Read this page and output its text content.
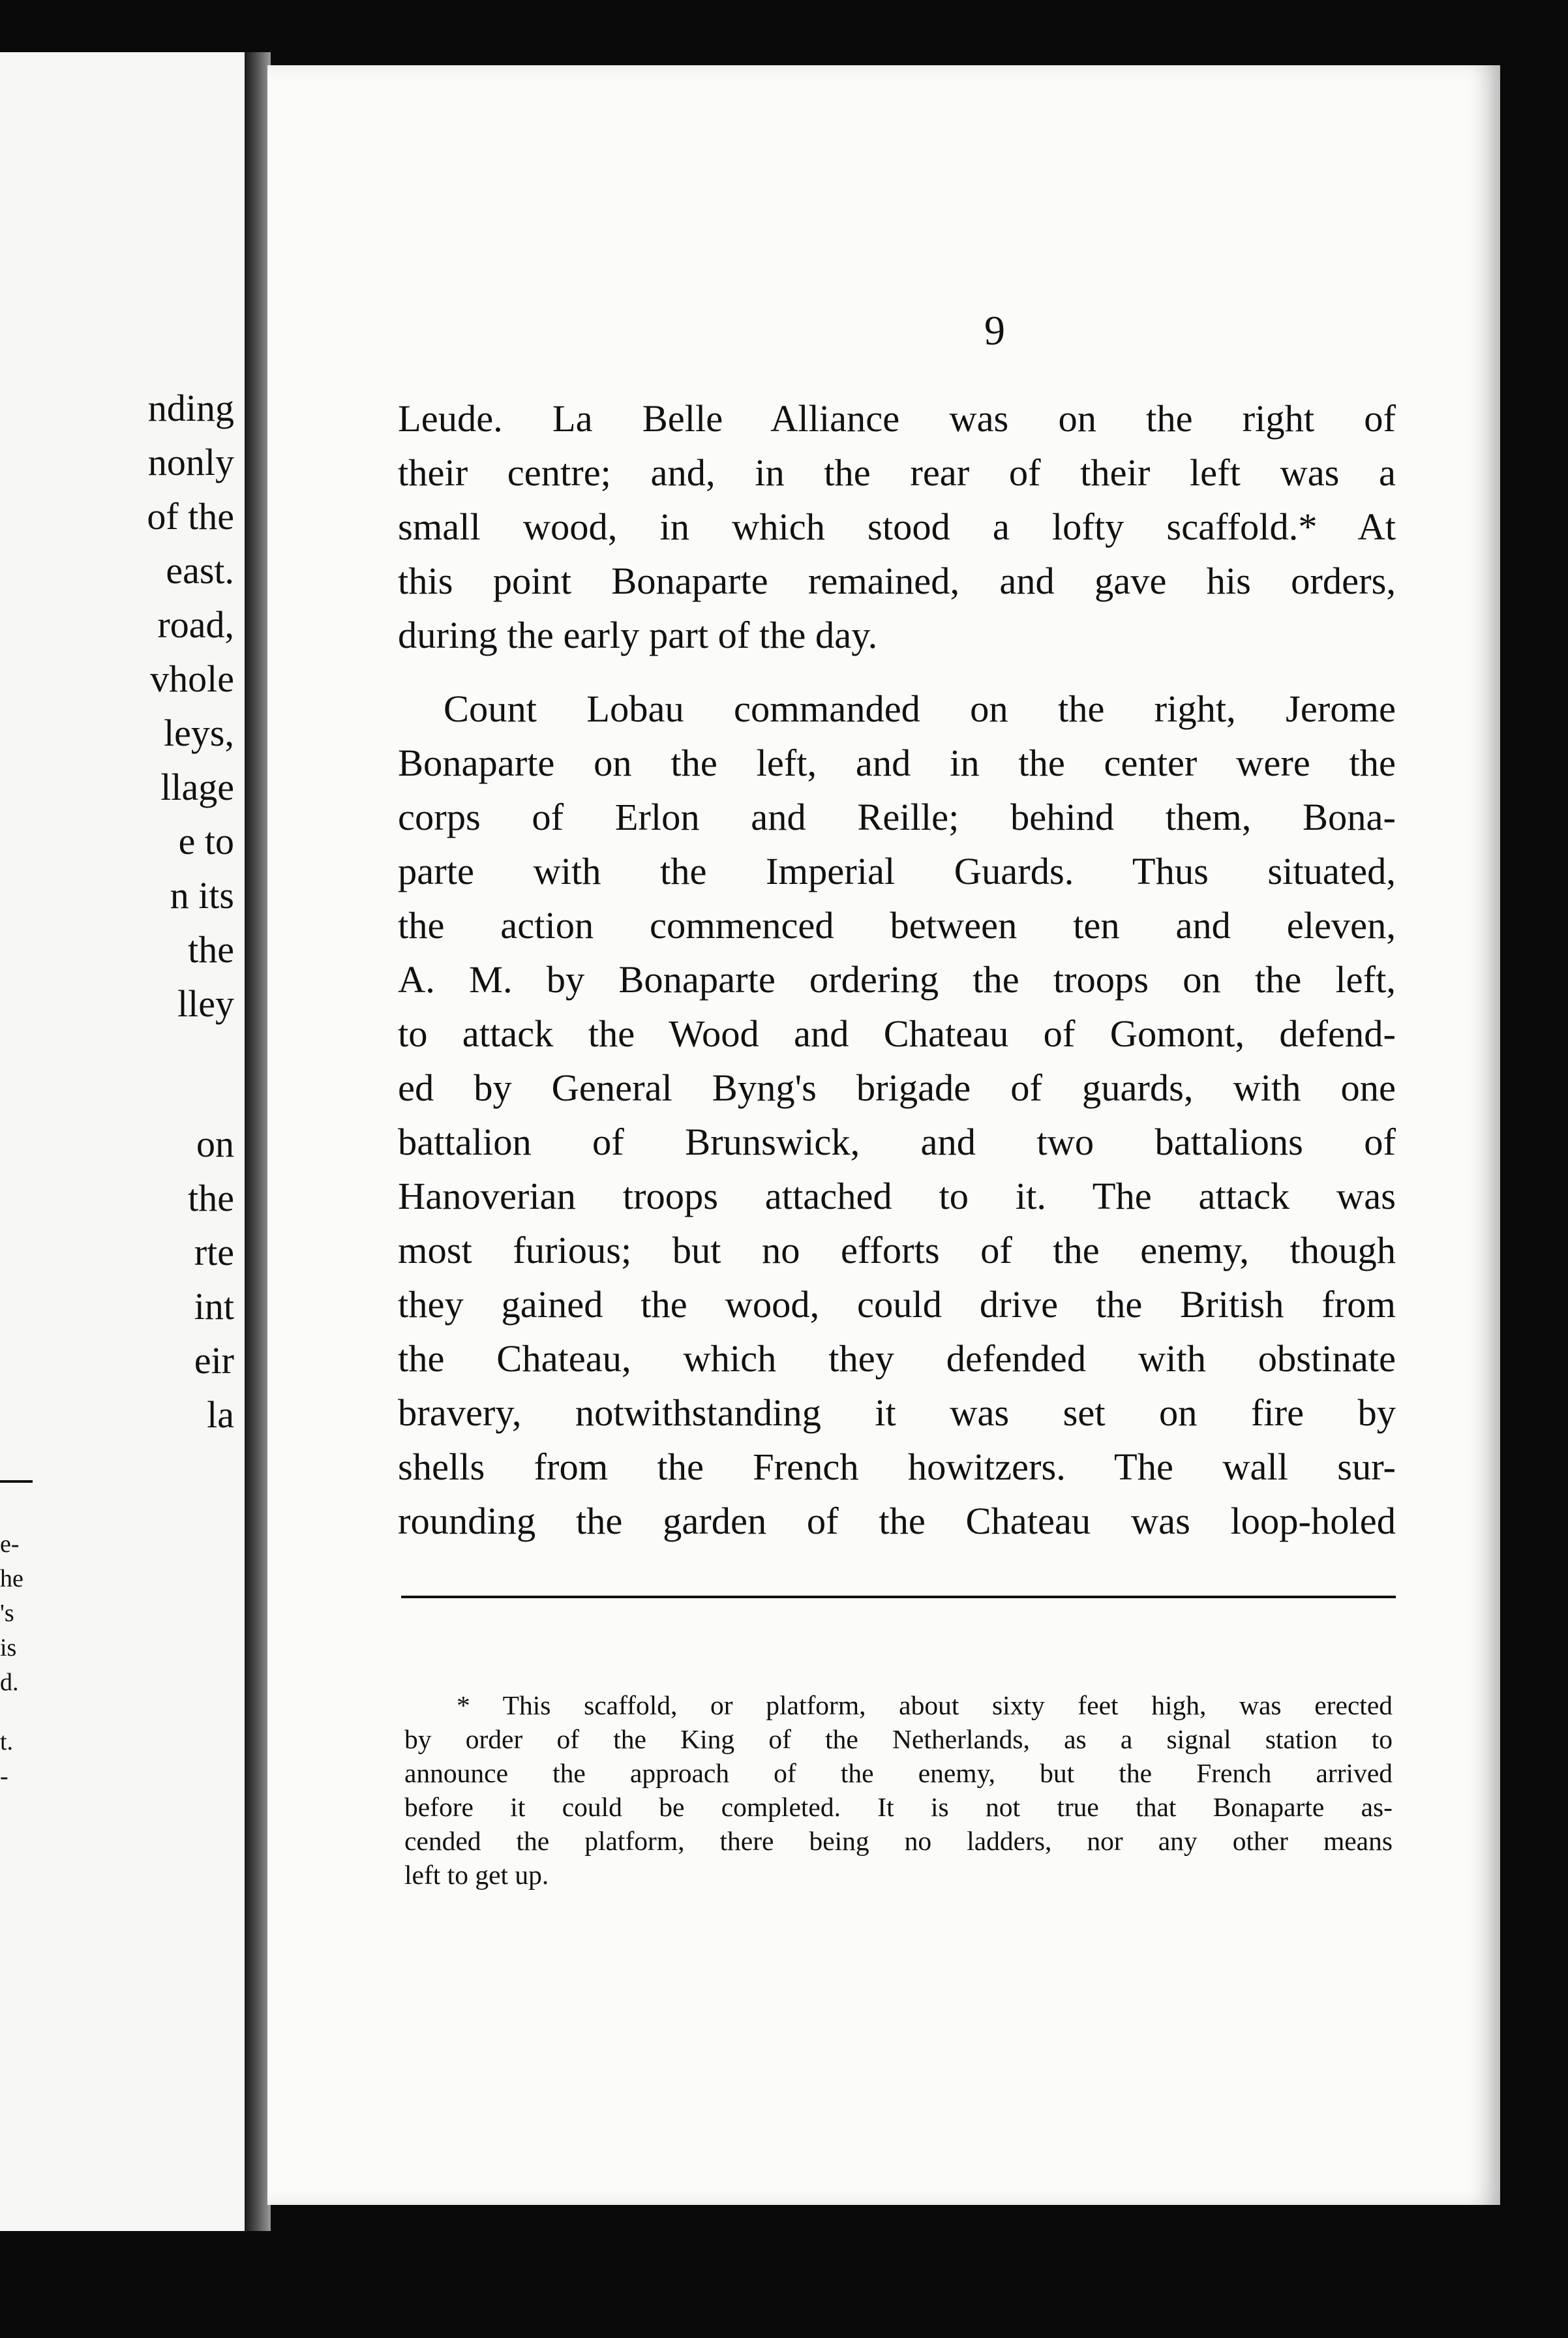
nding
nonly
of the
east.
road,
vhole
leys,
llage
e to
n its
the
lley
on
the
rte
int
eir
la
e-
he
's
is
d.
t.
-
9

Leude. La Belle Alliance was on the right of
their centre; and, in the rear of their left was a
small wood, in which stood a lofty scaffold.* At
this point Bonaparte remained, and gave his orders,
during the early part of the day.

Count Lobau commanded on the right, Jerome
Bonaparte on the left, and in the center were the
corps of Erlon and Reille; behind them, Bona-
parte with the Imperial Guards. Thus situated,
the action commenced between ten and eleven,
A. M. by Bonaparte ordering the troops on the left,
to attack the Wood and Chateau of Gomont, defend-
ed by General Byng's brigade of guards, with one
battalion of Brunswick, and two battalions of
Hanoverian troops attached to it. The attack was
most furious; but no efforts of the enemy, though
they gained the wood, could drive the British from
the Chateau, which they defended with obstinate
bravery, notwithstanding it was set on fire by
shells from the French howitzers. The wall sur-
rounding the garden of the Chateau was loop-holed

* This scaffold, or platform, about sixty feet high, was erected
by order of the King of the Netherlands, as a signal station to
announce the approach of the enemy, but the French arrived
before it could be completed. It is not true that Bonaparte as-
cended the platform, there being no ladders, nor any other means
left to get up.
